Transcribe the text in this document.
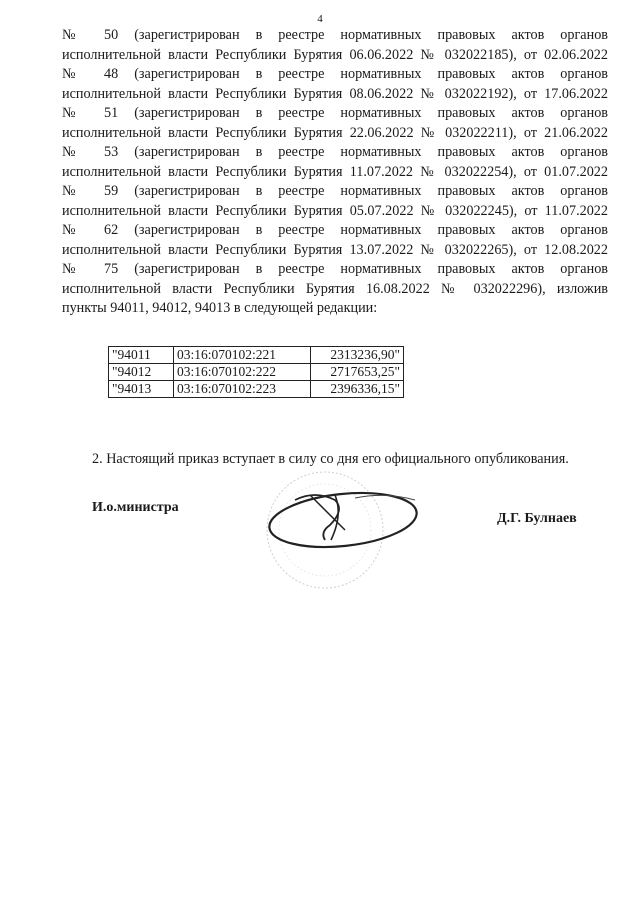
4
№ 50 (зарегистрирован в реестре нормативных правовых актов органов
исполнительной власти Республики Бурятия 06.06.2022 № 032022185), от 02.06.2022
№ 48 (зарегистрирован в реестре нормативных правовых актов органов
исполнительной власти Республики Бурятия 08.06.2022 № 032022192), от 17.06.2022
№ 51 (зарегистрирован в реестре нормативных правовых актов органов
исполнительной власти Республики Бурятия 22.06.2022 № 032022211), от 21.06.2022
№ 53 (зарегистрирован в реестре нормативных правовых актов органов
исполнительной власти Республики Бурятия 11.07.2022 № 032022254), от 01.07.2022
№ 59 (зарегистрирован в реестре нормативных правовых актов органов
исполнительной власти Республики Бурятия 05.07.2022 № 032022245), от 11.07.2022
№ 62 (зарегистрирован в реестре нормативных правовых актов органов
исполнительной власти Республики Бурятия 13.07.2022 № 032022265), от 12.08.2022
№ 75 (зарегистрирован в реестре нормативных правовых актов органов
исполнительной власти Республики Бурятия 16.08.2022 № 032022296), изложив
пункты 94011, 94012, 94013 в следующей редакции:
"94011	03:16:070102:221	2313236,90"
"94012	03:16:070102:222	2717653,25"
"94013	03:16:070102:223	2396336,15"
2. Настоящий приказ вступает в силу со дня его официального опубликования.
И.о.министра
Д.Г. Булнаев
